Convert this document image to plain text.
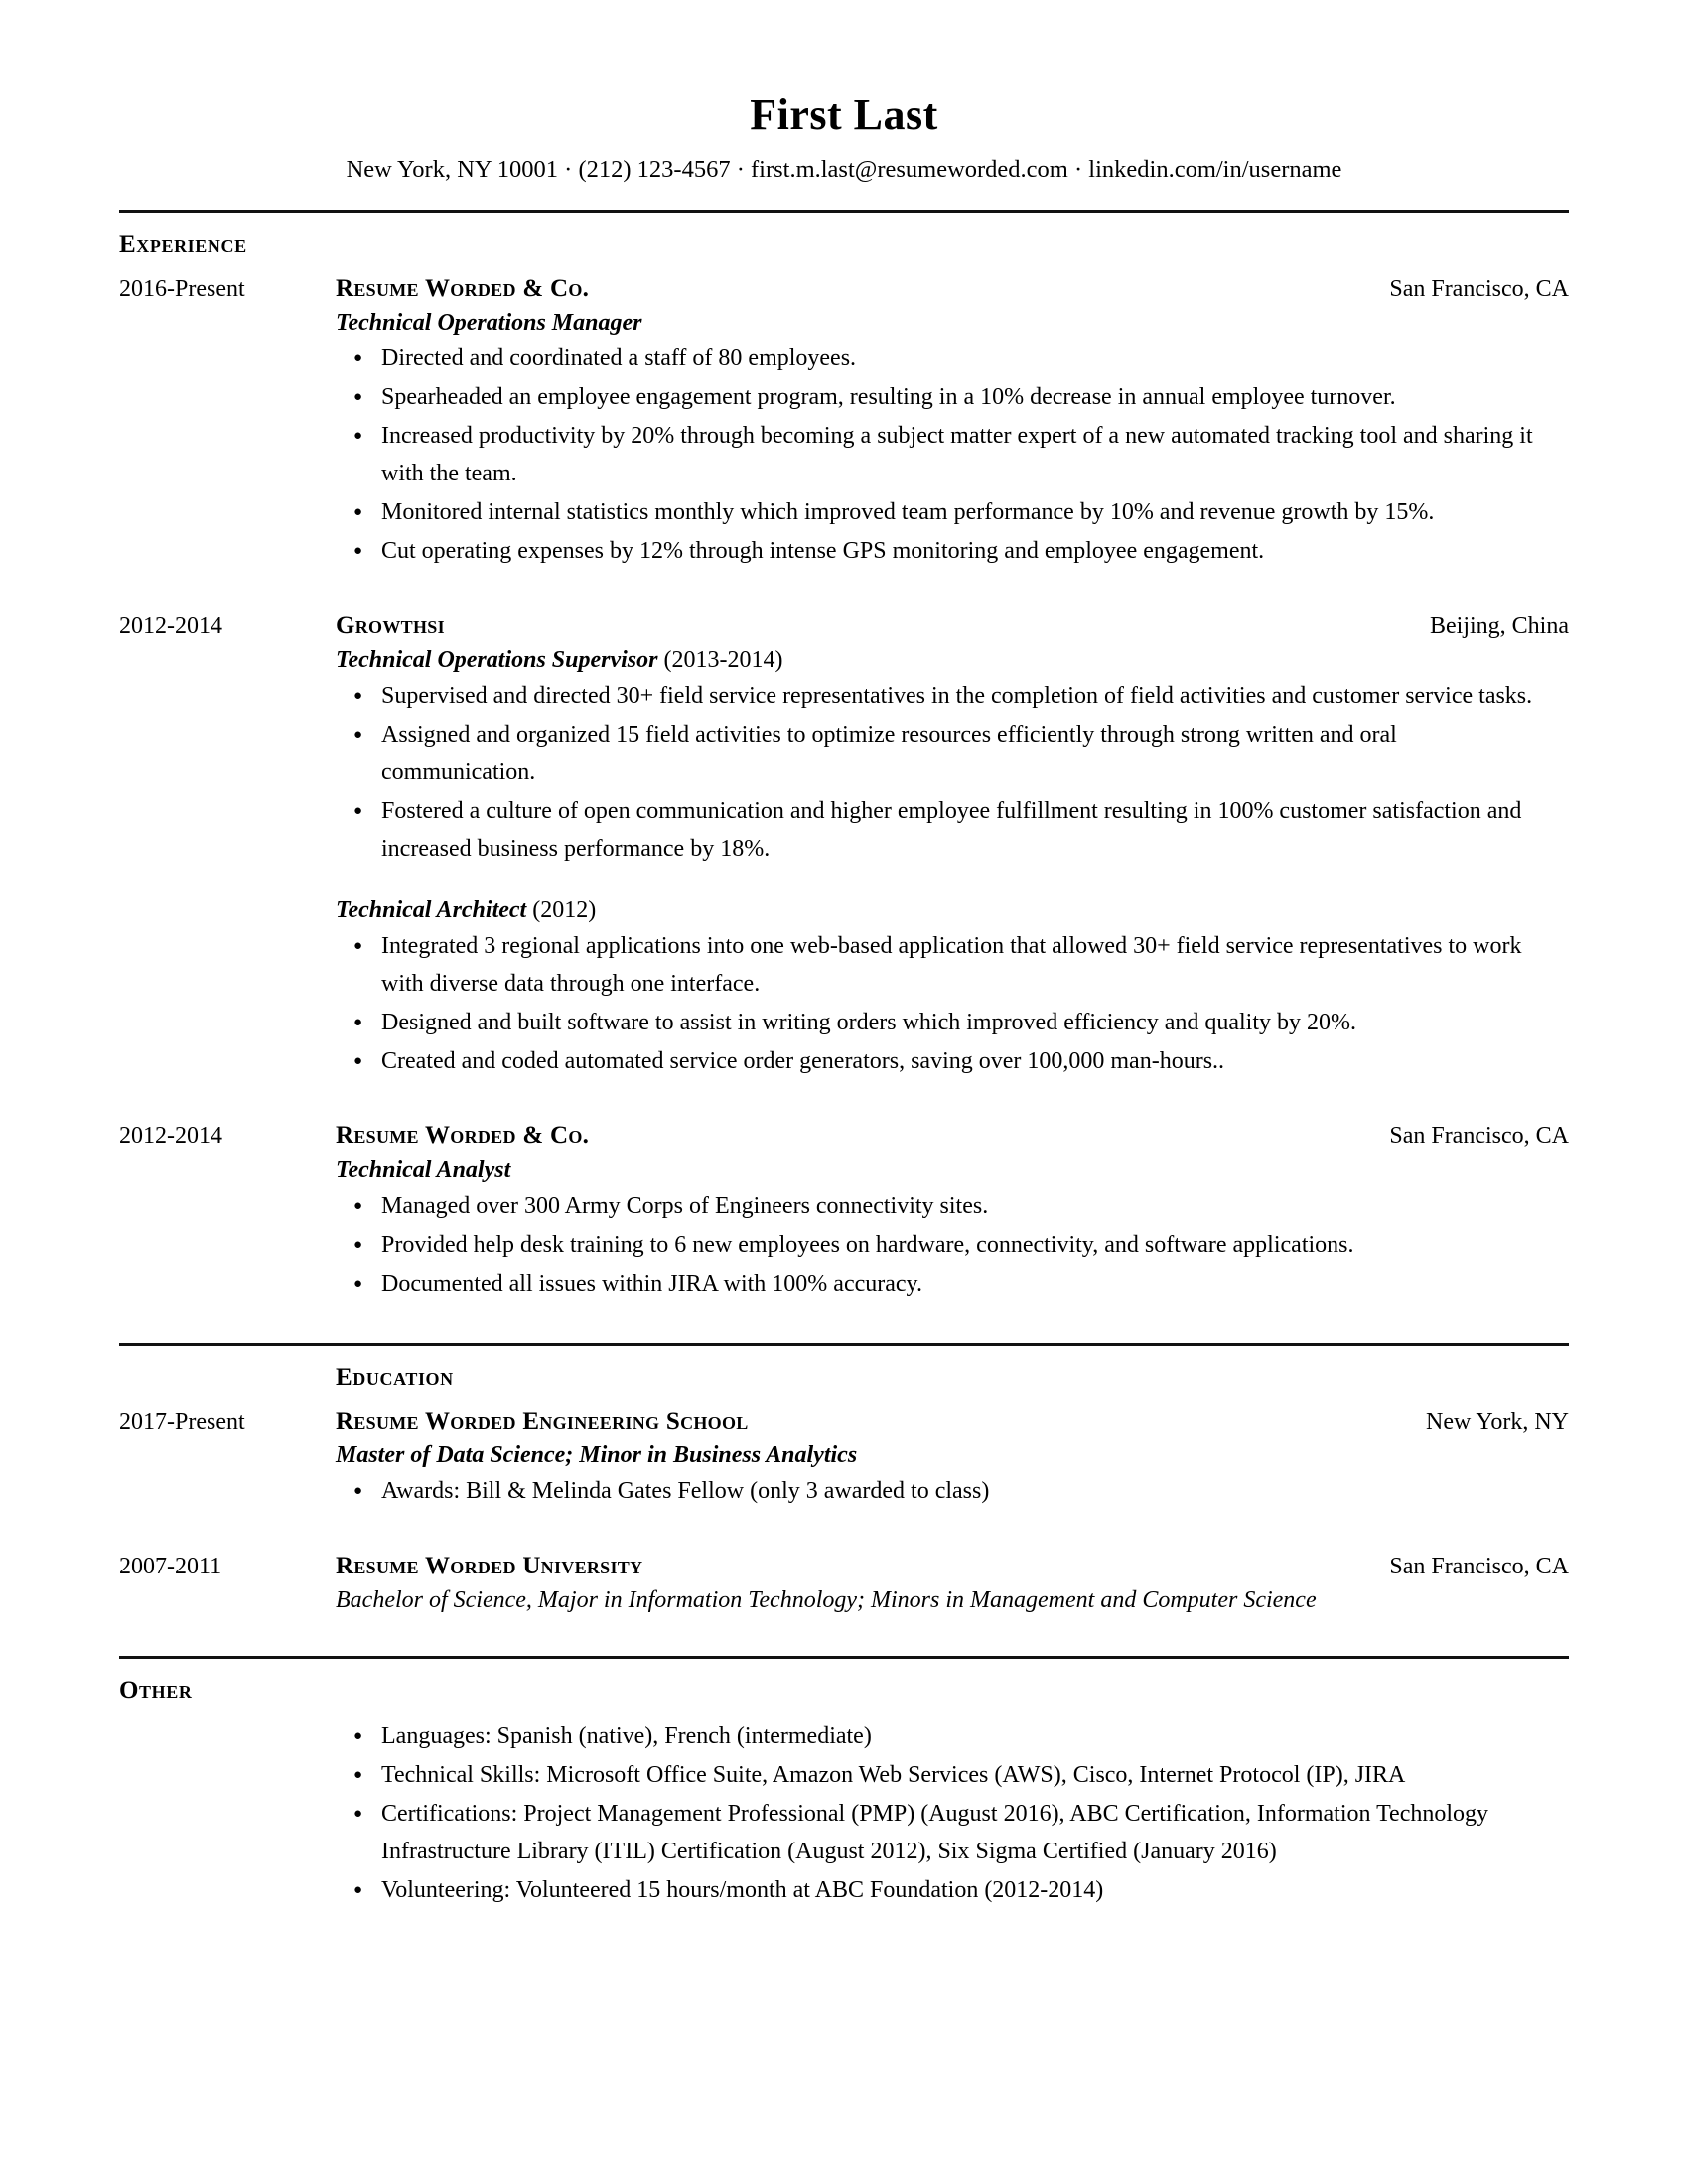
First Last
New York, NY 10001 · (212) 123-4567 · first.m.last@resumeworded.com · linkedin.com/in/username
Experience
2016-Present	Resume Worded & Co.	San Francisco, CA
Technical Operations Manager
● Directed and coordinated a staff of 80 employees.
● Spearheaded an employee engagement program, resulting in a 10% decrease in annual employee turnover.
● Increased productivity by 20% through becoming a subject matter expert of a new automated tracking tool and sharing it with the team.
● Monitored internal statistics monthly which improved team performance by 10% and revenue growth by 15%.
● Cut operating expenses by 12% through intense GPS monitoring and employee engagement.
2012-2014	Growthsi	Beijing, China
Technical Operations Supervisor (2013-2014)
● Supervised and directed 30+ field service representatives in the completion of field activities and customer service tasks.
● Assigned and organized 15 field activities to optimize resources efficiently through strong written and oral communication.
● Fostered a culture of open communication and higher employee fulfillment resulting in 100% customer satisfaction and increased business performance by 18%.
Technical Architect (2012)
● Integrated 3 regional applications into one web-based application that allowed 30+ field service representatives to work with diverse data through one interface.
● Designed and built software to assist in writing orders which improved efficiency and quality by 20%.
● Created and coded automated service order generators, saving over 100,000 man-hours..
2012-2014	Resume Worded & Co.	San Francisco, CA
Technical Analyst
● Managed over 300 Army Corps of Engineers connectivity sites.
● Provided help desk training to 6 new employees on hardware, connectivity, and software applications.
● Documented all issues within JIRA with 100% accuracy.
Education
2017-Present	Resume Worded Engineering School	New York, NY
Master of Data Science; Minor in Business Analytics
● Awards: Bill & Melinda Gates Fellow (only 3 awarded to class)
2007-2011	Resume Worded University	San Francisco, CA
Bachelor of Science, Major in Information Technology; Minors in Management and Computer Science
Other
● Languages: Spanish (native), French (intermediate)
● Technical Skills: Microsoft Office Suite, Amazon Web Services (AWS), Cisco, Internet Protocol (IP), JIRA
● Certifications: Project Management Professional (PMP) (August 2016), ABC Certification, Information Technology Infrastructure Library (ITIL) Certification (August 2012), Six Sigma Certified (January 2016)
● Volunteering: Volunteered 15 hours/month at ABC Foundation (2012-2014)
